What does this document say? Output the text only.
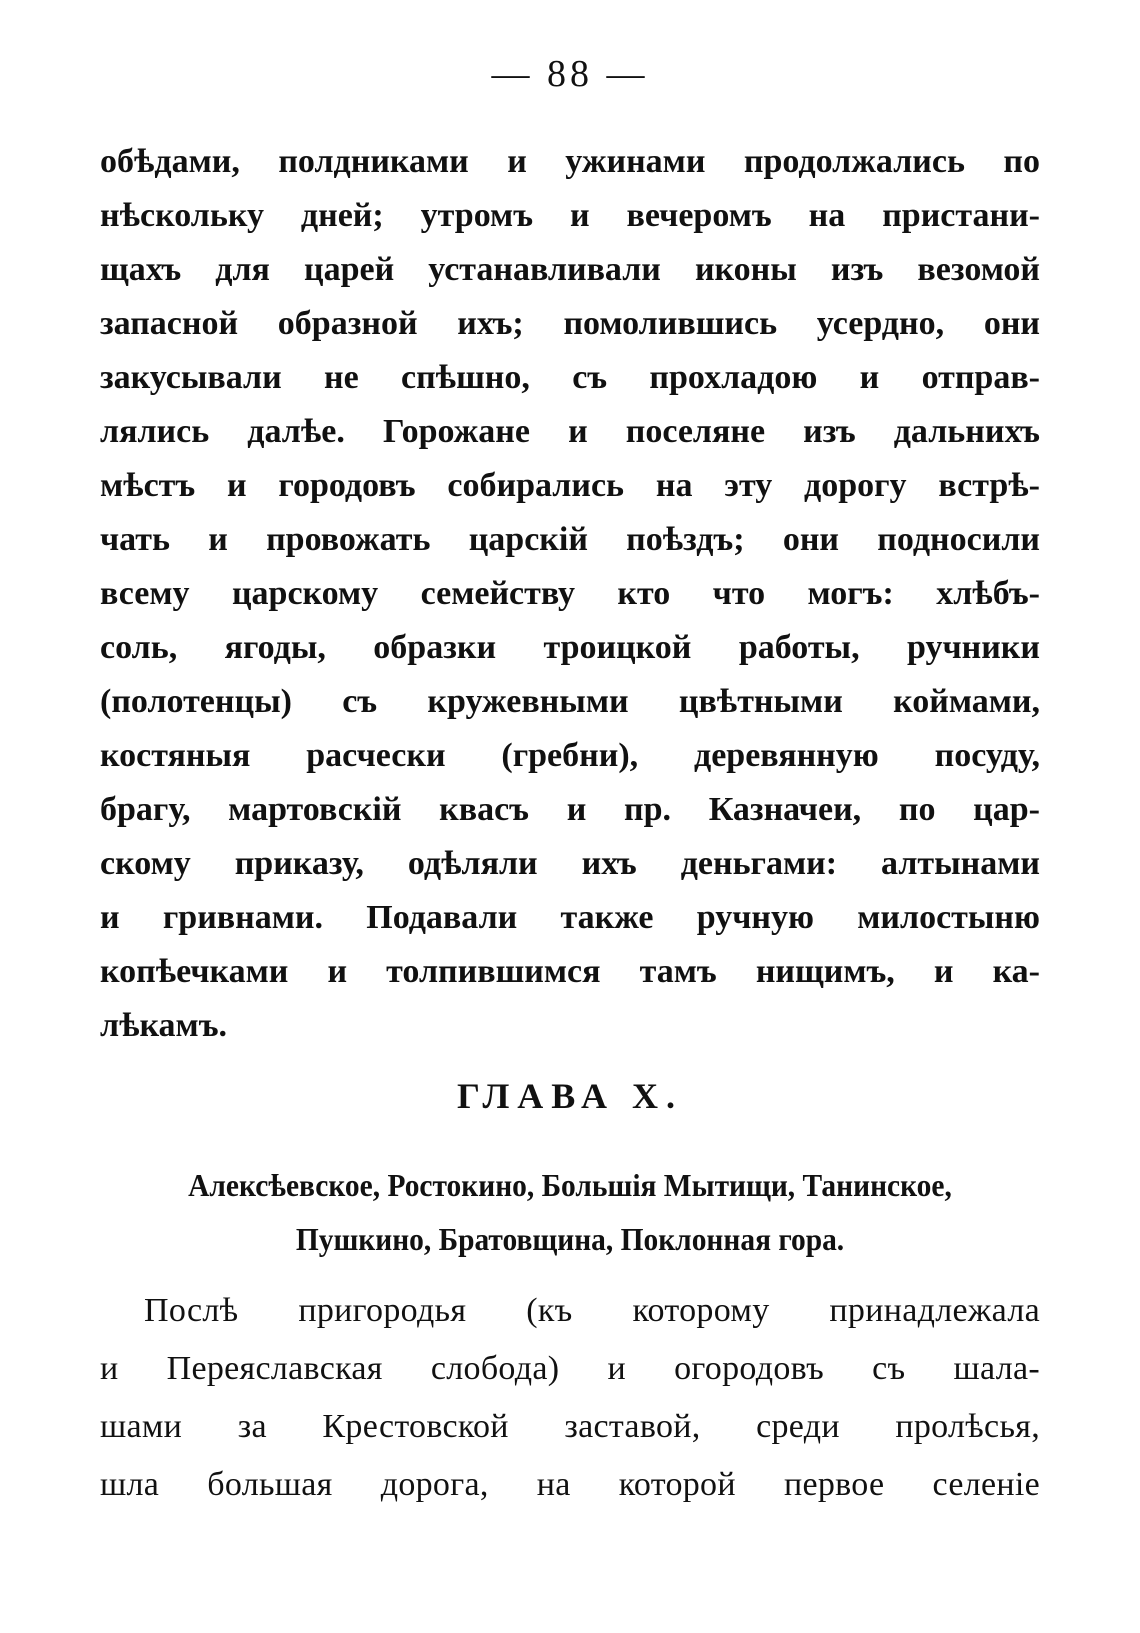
— 88 —
обѣдами, полдниками и ужинами продолжались по
нѣскольку дней; утромъ и вечеромъ на пристани-
щахъ для царей устанавливали иконы изъ везомой
запасной образной ихъ; помолившись усердно, они
закусывали не спѣшно, съ прохладою и отправ-
лялись далѣе. Горожане и поселяне изъ дальнихъ
мѣстъ и городовъ собирались на эту дорогу встрѣ-
чать и провожать царскій поѣздъ; они подносили
всему царскому семейству кто что могъ: хлѣбъ-
соль, ягоды, образки троицкой работы, ручники
(полотенцы) съ кружевными цвѣтными коймами,
костяныя расчески (гребни), деревянную посуду,
брагу, мартовскій квасъ и пр. Казначеи, по цар-
скому приказу, одѣляли ихъ деньгами: алтынами
и гривнами. Подавали также ручную милостыню
копѣечками и толпившимся тамъ нищимъ, и ка-
лѣкамъ.
ГЛАВА X.
Алексѣевское, Ростокино, Большія Мытищи, Танинское,
Пушкино, Братовщина, Поклонная гора.
Послѣ пригородья (къ которому принадлежала
и Переяславская слобода) и огородовъ съ шала-
шами за Крестовской заставой, среди пролѣсья,
шла большая дорога, на которой первое селеніе
